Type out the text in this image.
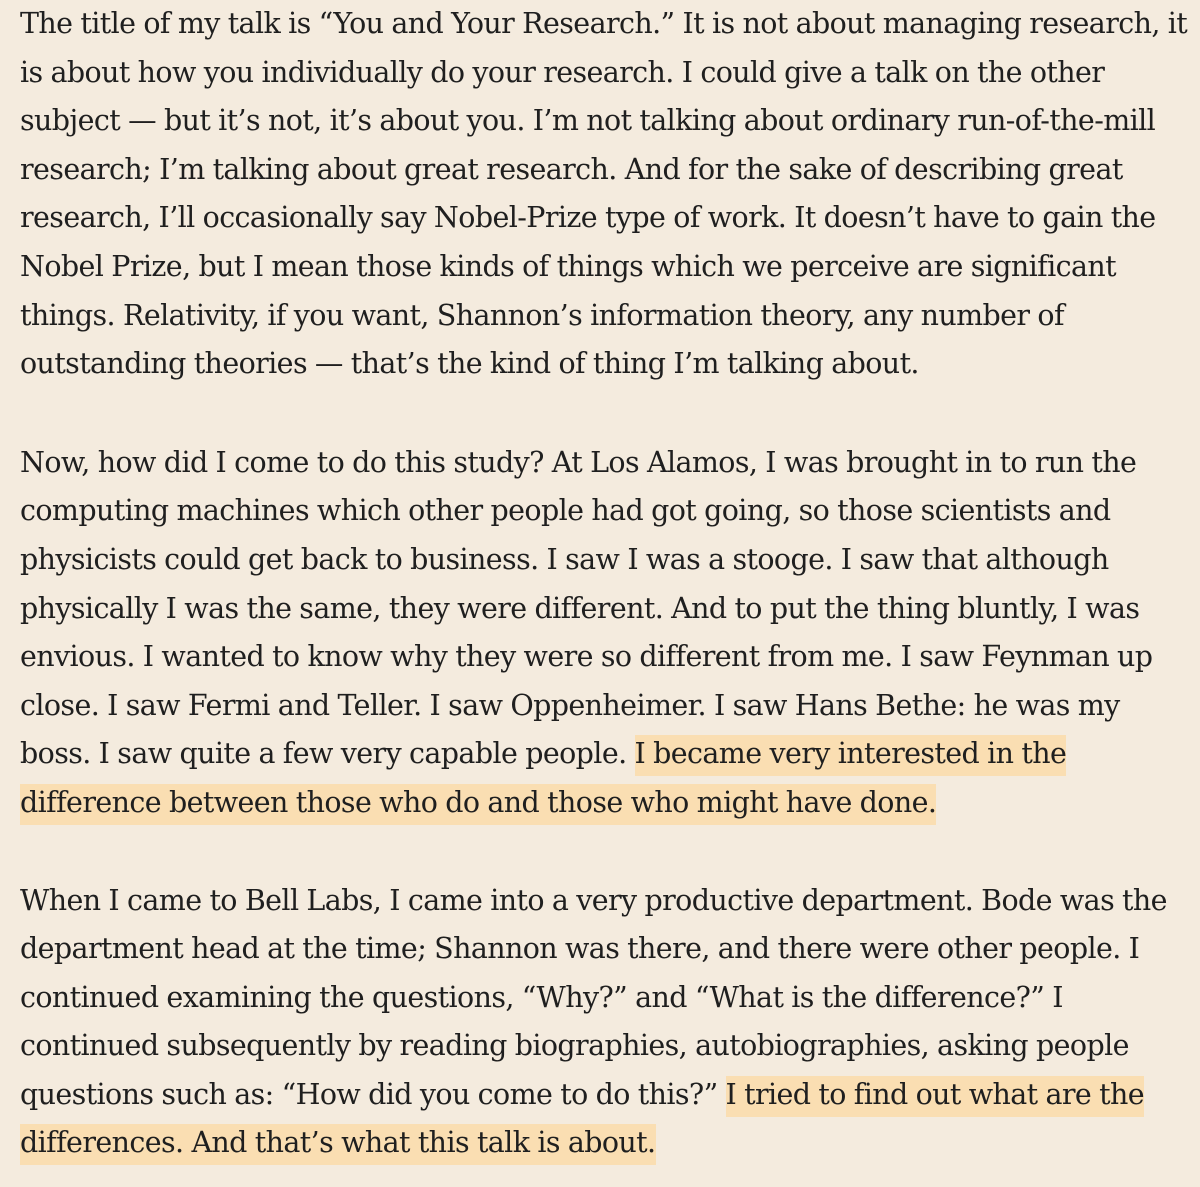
The title of my talk is “You and Your Research.” It is not about managing research, it is about how you individually do your research. I could give a talk on the other subject — but it’s not, it’s about you. I’m not talking about ordinary run-of-the-mill research; I’m talking about great research. And for the sake of describing great research, I’ll occasionally say Nobel-Prize type of work. It doesn’t have to gain the Nobel Prize, but I mean those kinds of things which we perceive are significant things. Relativity, if you want, Shannon’s information theory, any number of outstanding theories — that’s the kind of thing I’m talking about.

Now, how did I come to do this study? At Los Alamos, I was brought in to run the computing machines which other people had got going, so those scientists and physicists could get back to business. I saw I was a stooge. I saw that although physically I was the same, they were different. And to put the thing bluntly, I was envious. I wanted to know why they were so different from me. I saw Feynman up close. I saw Fermi and Teller. I saw Oppenheimer. I saw Hans Bethe: he was my boss. I saw quite a few very capable people. I became very interested in the difference between those who do and those who might have done.

When I came to Bell Labs, I came into a very productive department. Bode was the department head at the time; Shannon was there, and there were other people. I continued examining the questions, “Why?” and “What is the difference?” I continued subsequently by reading biographies, autobiographies, asking people questions such as: “How did you come to do this?” I tried to find out what are the differences. And that’s what this talk is about.
